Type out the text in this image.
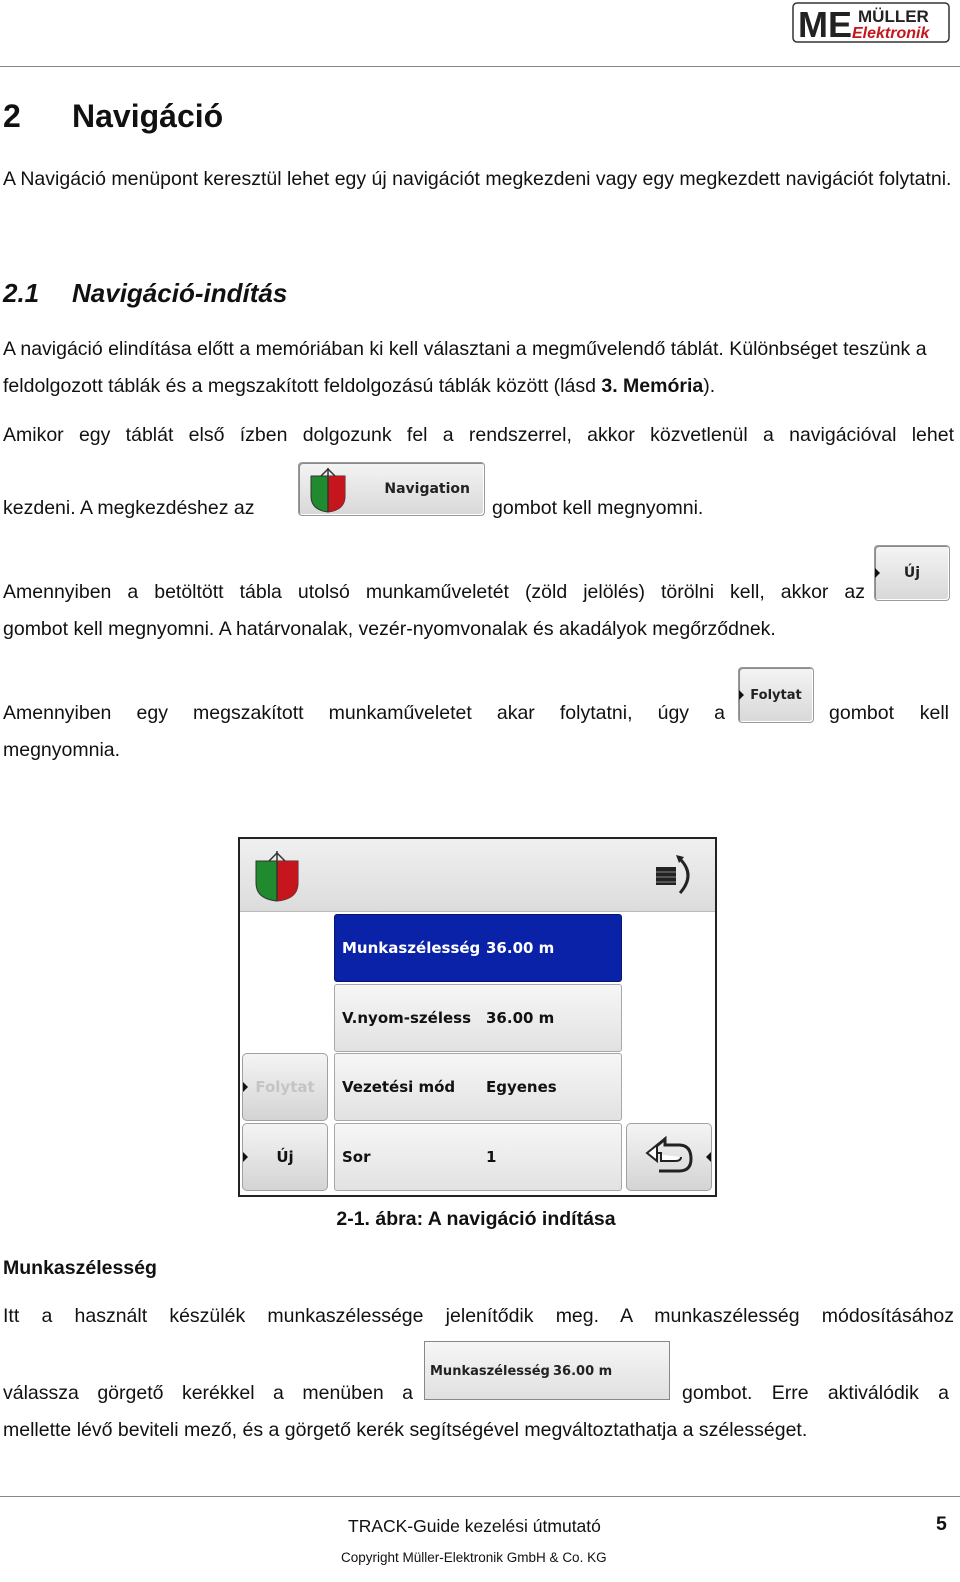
ME MÜLLER
Elektronik
2 Navigáció
A Navigáció menüpont keresztül lehet egy új navigációt megkezdeni vagy egy megkezdett navigációt folytatni.
2.1 Navigáció-indítás
A navigáció elindítása előtt a memóriában ki kell választani a megművelendő táblát. Különbséget teszünk a feldolgozott táblák és a megszakított feldolgozású táblák között (lásd 3. Memória).
Amikor egy táblát első ízben dolgozunk fel a rendszerrel, akkor közvetlenül a navigációval lehet
kezdeni. A megkezdéshez az
Navigation
gombot kell megnyomni.
Amennyiben a betöltött tábla utolsó munkaműveletét (zöld jelölés) törölni kell, akkor az
Új
gombot kell megnyomni. A határvonalak, vezér-nyomvonalak és akadályok megőrződnek.
Amennyiben egy megszakított munkaműveletet akar folytatni, úgy a
Folytat
gombot kell
megnyomnia.
Munkaszélesség 36.00 m
V.nyom-széless 36.00 m
Vezetési mód Egyenes
Sor	1
Folytat
Új
2-1. ábra: A navigáció indítása
Munkaszélesség
Itt a használt készülék munkaszélessége jelenítődik meg. A munkaszélesség módosításához
válassza görgető kerékkel a menüben a
Munkaszélesség 36.00 m
gombot. Erre aktiválódik a
mellette lévő beviteli mező, és a görgető kerék segítségével megváltoztathatja a szélességet.
TRACK-Guide kezelési útmutató	5
Copyright Müller-Elektronik GmbH & Co. KG
